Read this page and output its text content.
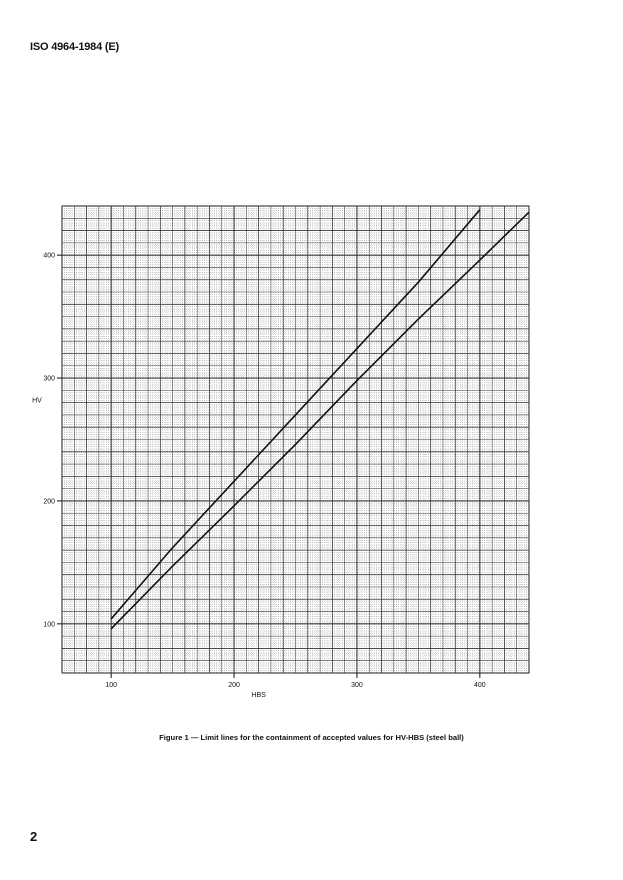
ISO 4964-1984 (E)
100	200	300	400
100
200
300
400
HBS
HV
Figure 1 — Limit lines for the containment of accepted values for HV-HBS (steel ball)
2
